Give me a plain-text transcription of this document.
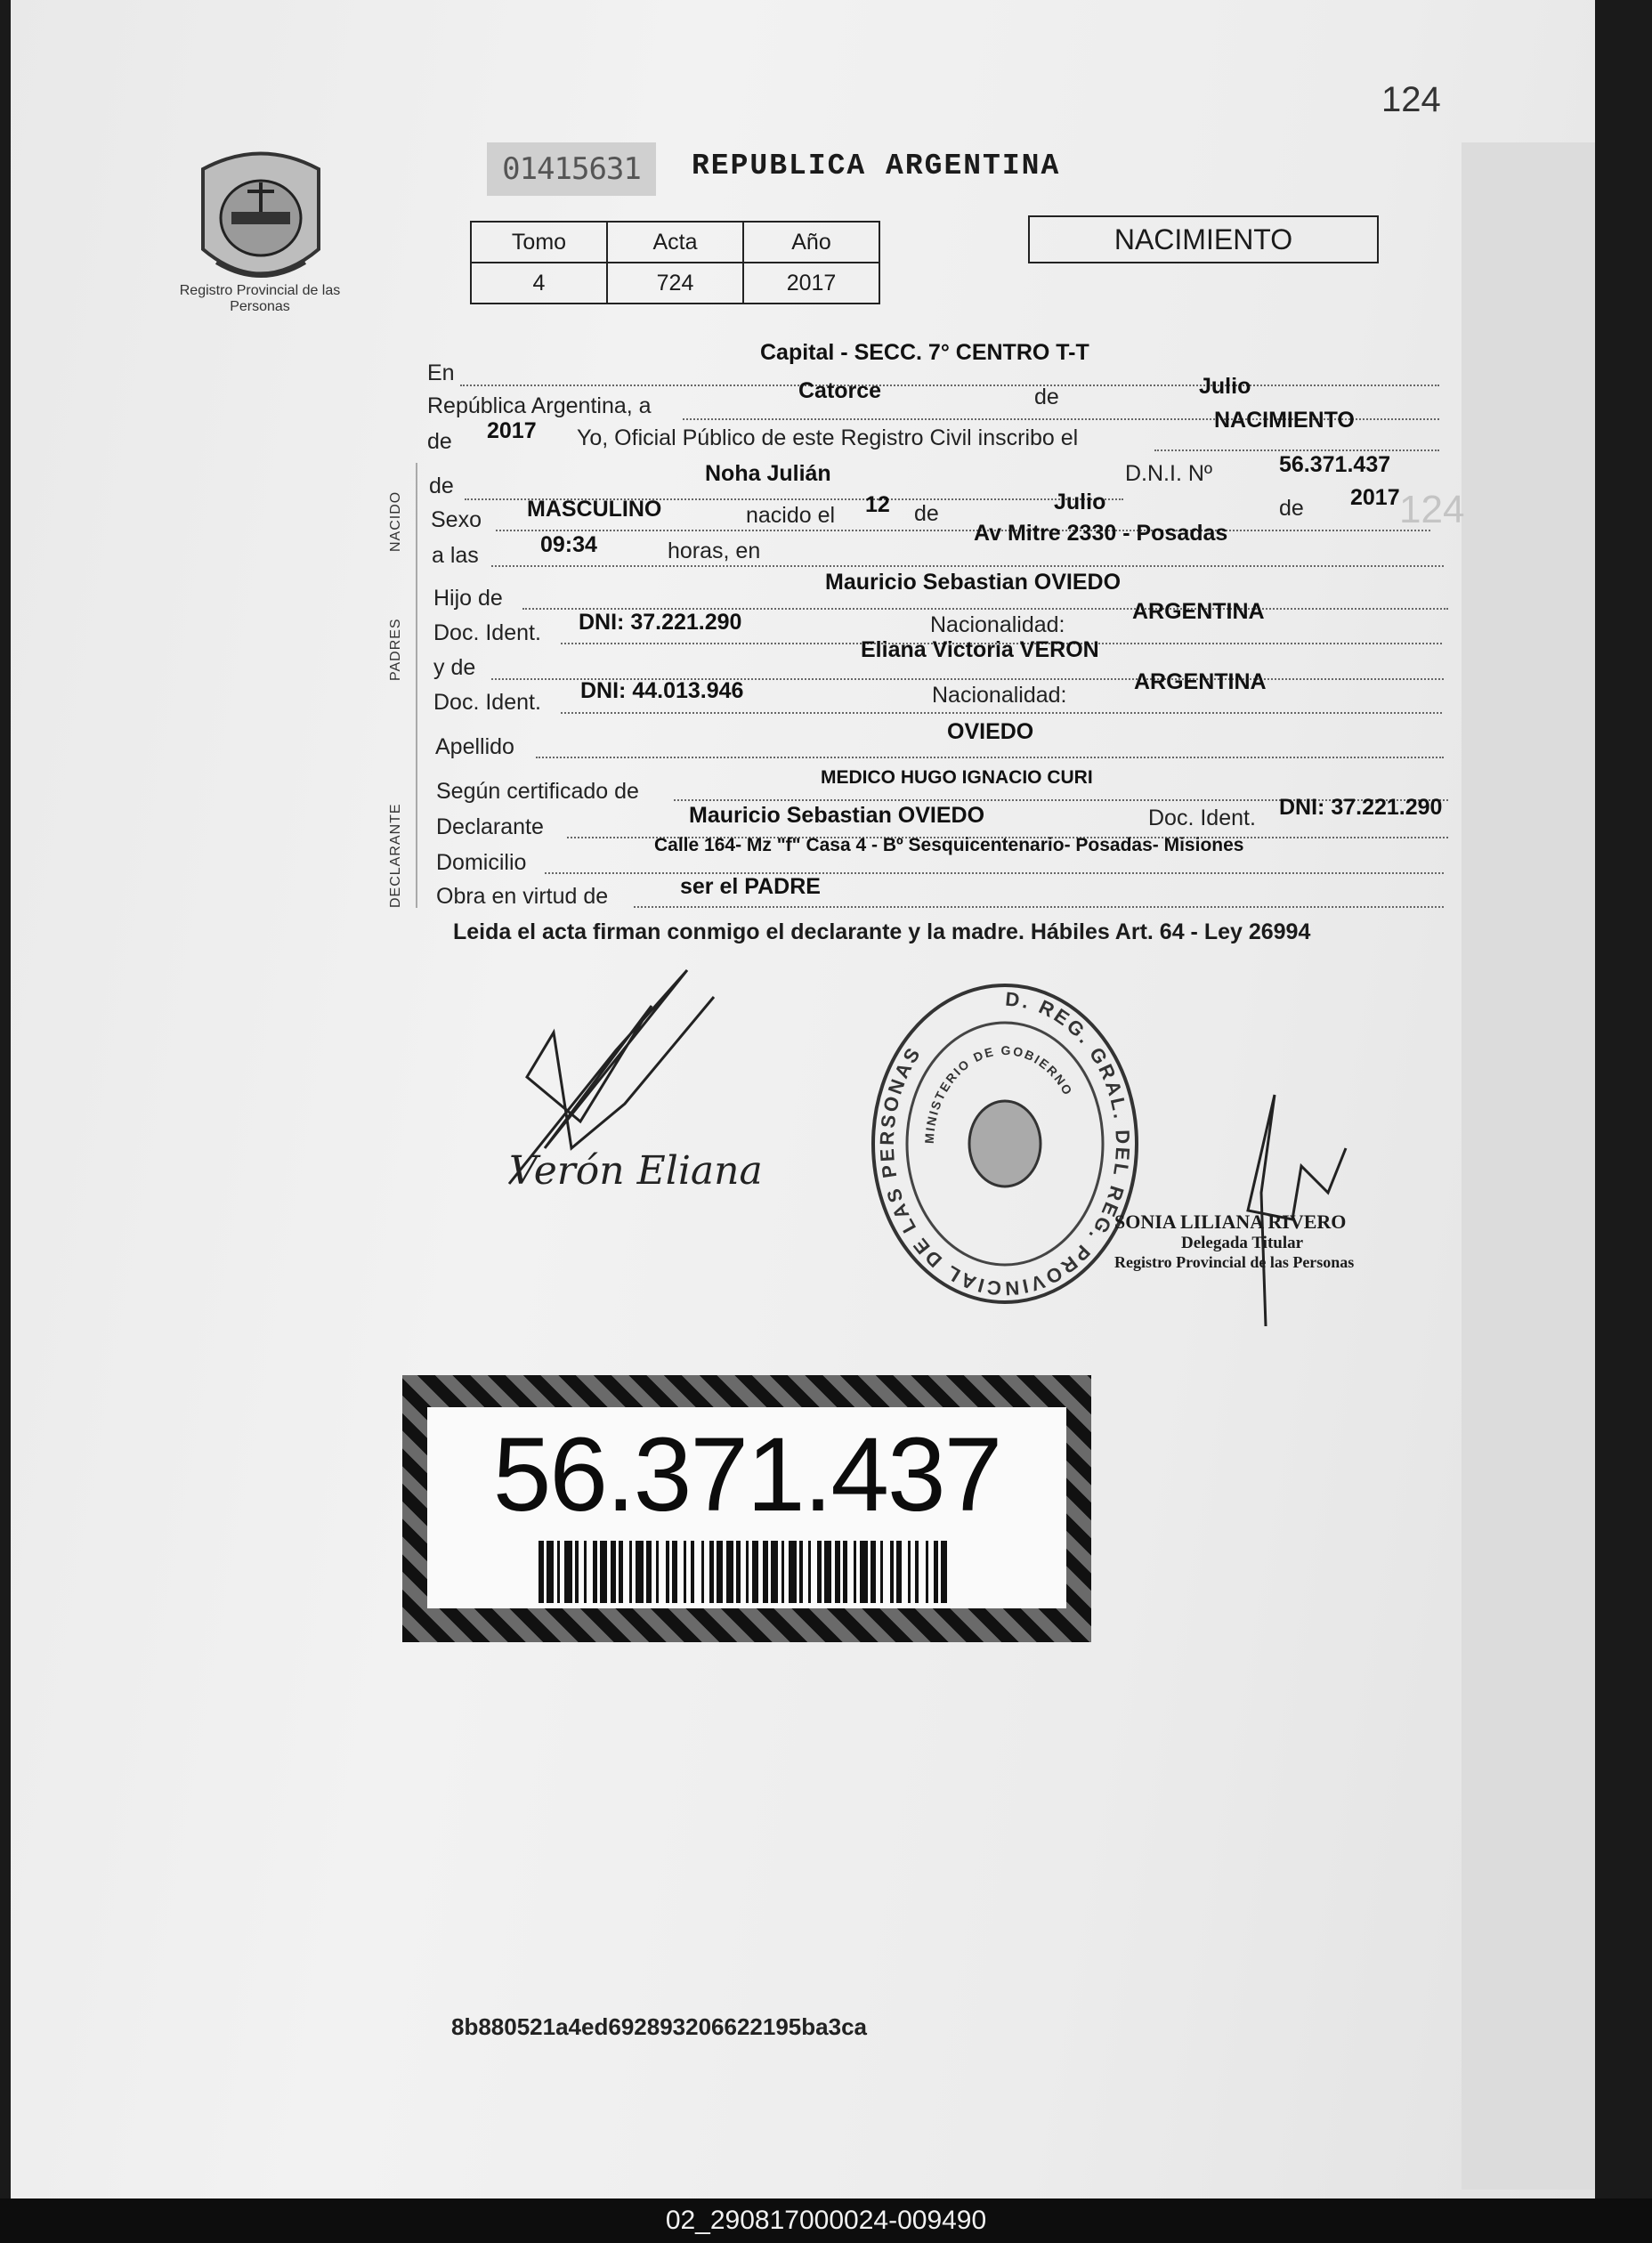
124
124
Registro Provincial de las Personas
01415631	REPUBLICA ARGENTINA
Tomo	Acta	Año
4	724	2017
NACIMIENTO
NACIDO
PADRES
DECLARANTE
En
Capital - SECC. 7° CENTRO T-T
República Argentina, a
Catorce	de	Julio
de 2017 Yo, Oficial Público de este Registro Civil inscribo el
NACIMIENTO
de	Noha Julián	D.N.I. Nº	56.371.437
Sexo MASCULINO	nacido el 12 de	Julio	de 2017
a las	09:34	horas, en
Av Mitre 2330 - Posadas
Hijo de
Mauricio Sebastian OVIEDO
Doc. Ident. DNI: 37.221.290	Nacionalidad:
ARGENTINA
y de
Eliana Victoria VERON
Doc. Ident. DNI: 44.013.946	Nacionalidad:
ARGENTINA
Apellido
OVIEDO
Según certificado de
MEDICO HUGO IGNACIO CURI
Declarante	Mauricio Sebastian OVIEDO	Doc. Ident. DNI: 37.221.290
Domicilio
Calle 164- Mz "f" Casa 4 - Bº Sesquicentenario- Posadas- Misiones
Obra en virtud de	ser el PADRE
Leida el acta firman conmigo el declarante y la madre. Hábiles Art. 64 - Ley 26994
Verón Eliana
D. REG. GRAL. DEL REG. PROVINCIAL DE LAS PERSONAS
MINISTERIO DE GOBIERNO
SONIA LILIANA RIVERO
Delegada Titular
Registro Provincial de las Personas
56.371.437
8b880521a4ed692893206622195ba3ca
02_290817000024-009490
